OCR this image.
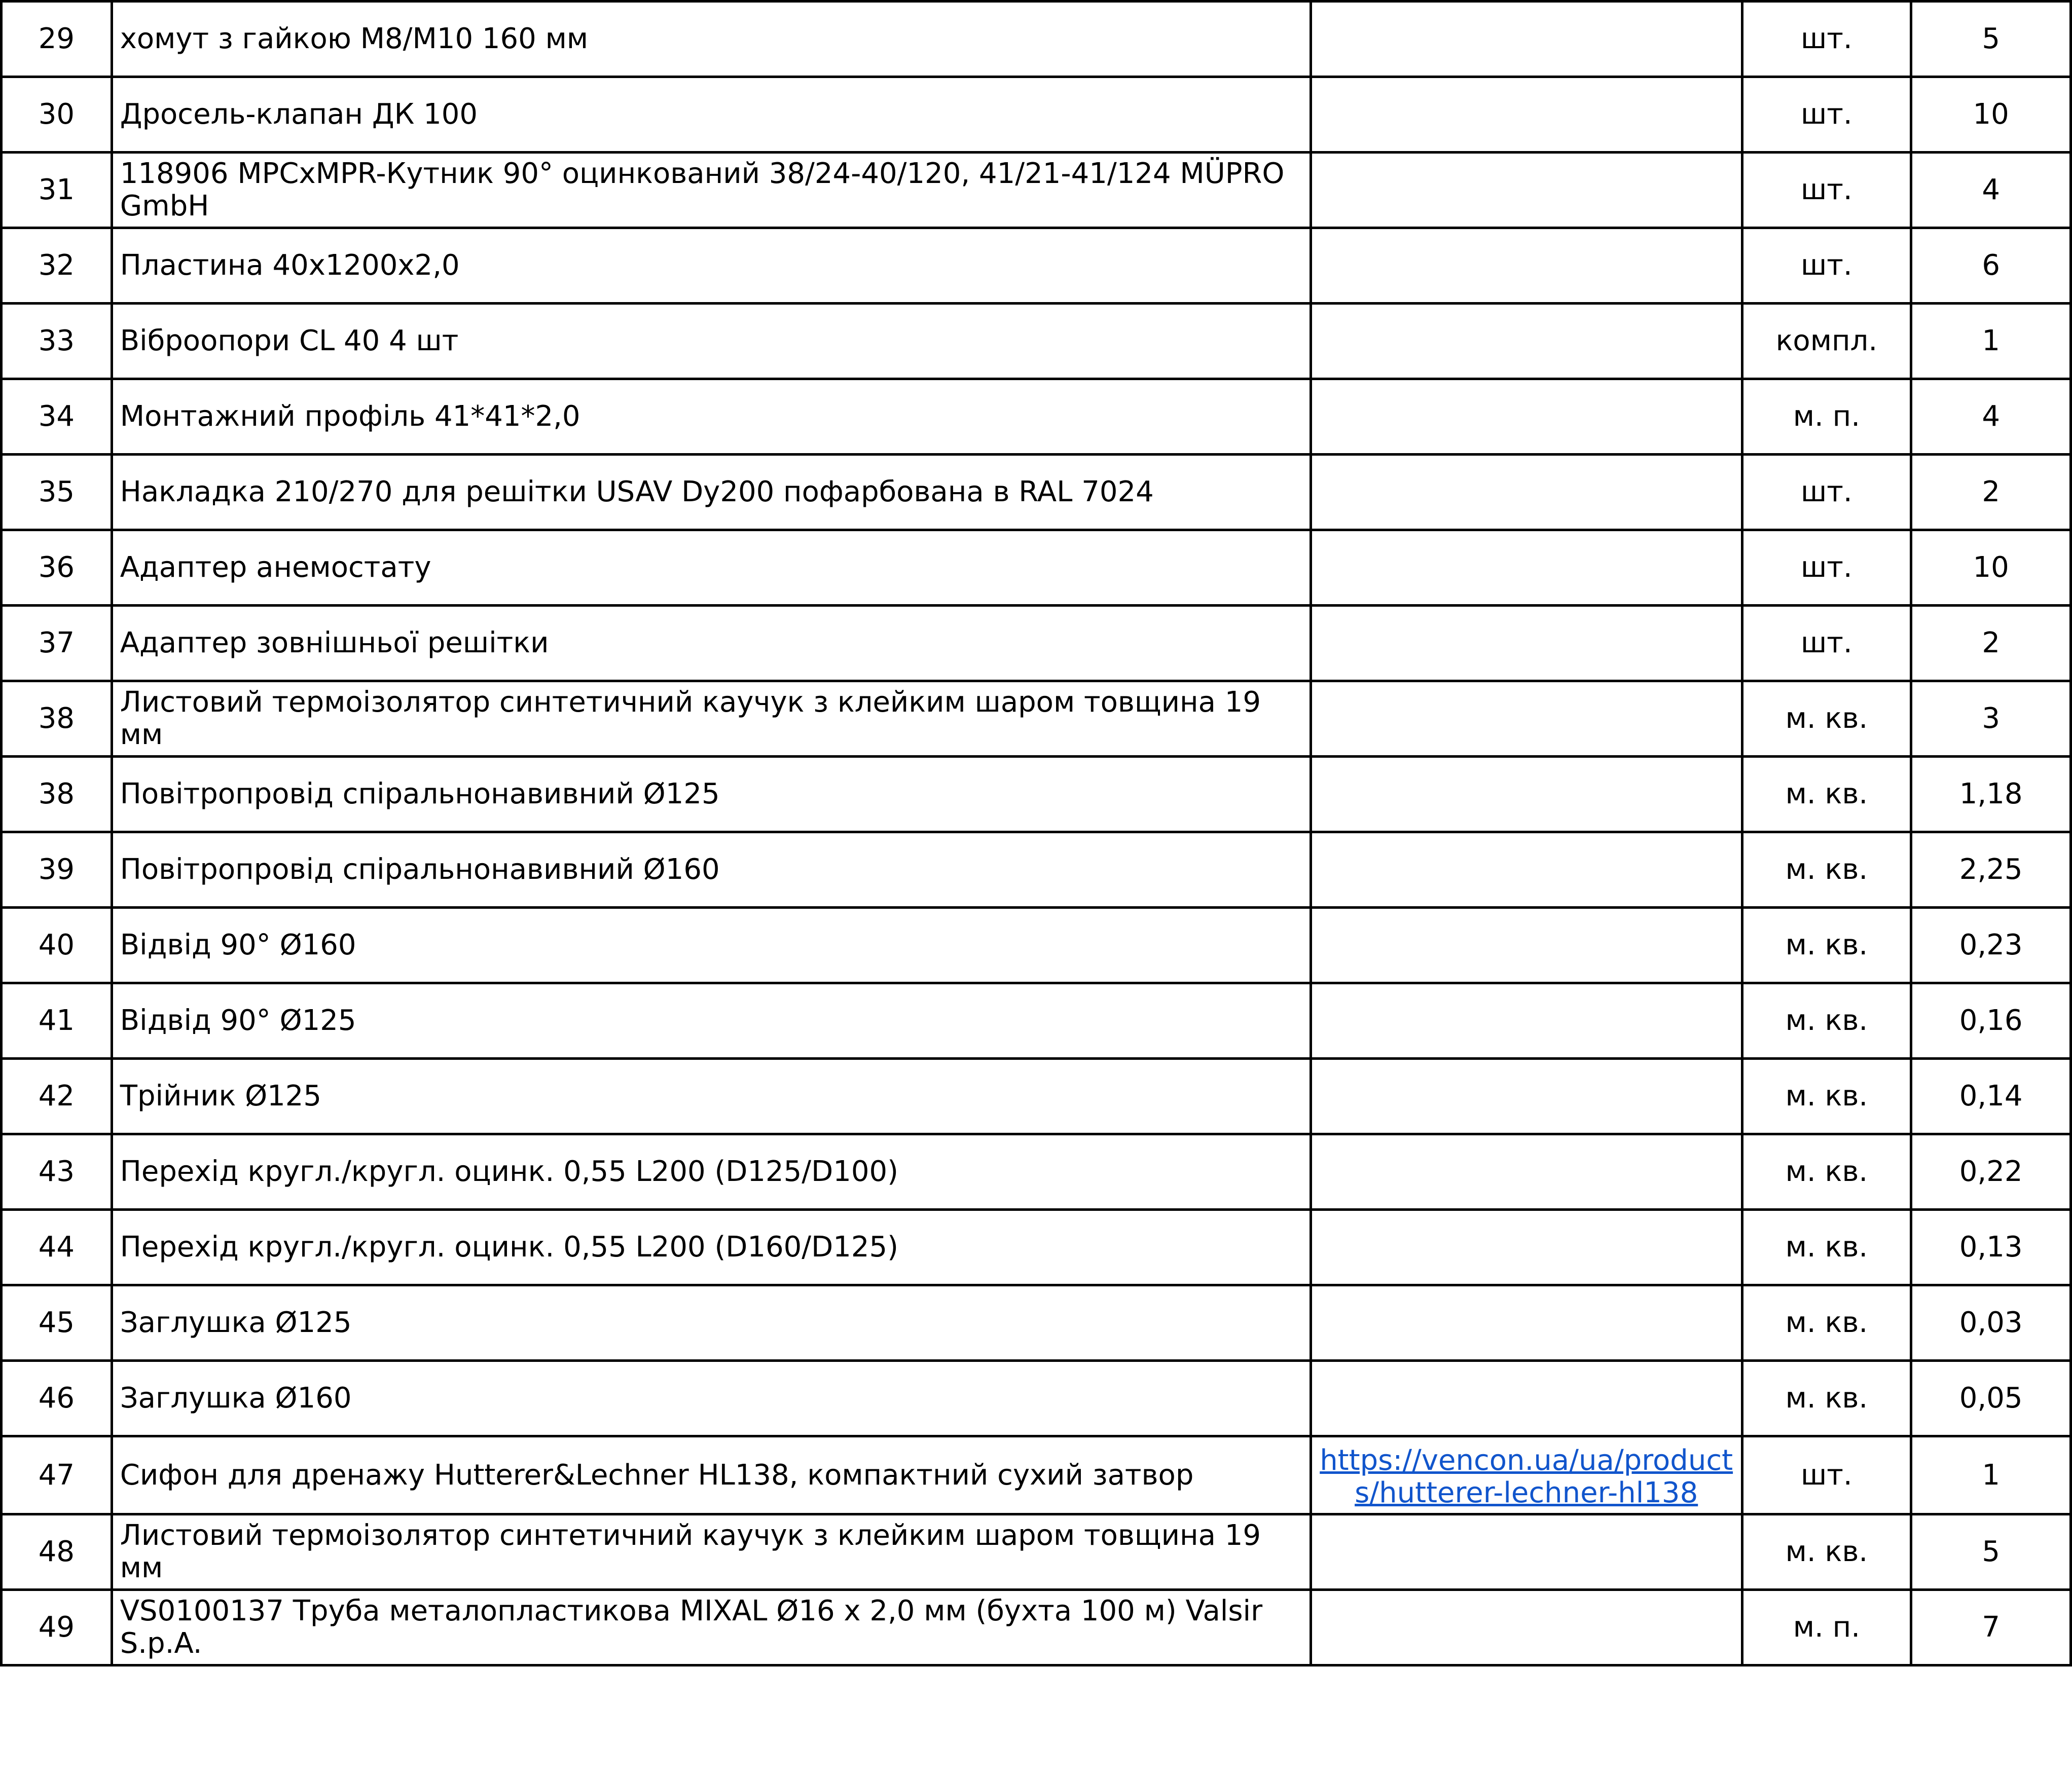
29	хомут з гайкою M8/M10 160 мм		шт.	5
30	Дросель-клапан ДК 100		шт.	10
31	118906 MPCxMPR-Кутник 90° оцинкований 38/24-40/120, 41/21-41/124 MÜPRO GmbH		шт.	4
32	Пластина 40х1200х2,0		шт.	6
33	Віброопори CL 40 4 шт		компл.	1
34	Монтажний профіль 41*41*2,0		м. п.	4
35	Накладка 210/270 для решітки USAV Dy200 пофарбована в RAL 7024		шт.	2
36	Адаптер анемостату		шт.	10
37	Адаптер зовнішньої решітки		шт.	2
38	Листовий термоізолятор синтетичний каучук з клейким шаром товщина 19 мм		м. кв.	3
38	Повітропровід спіральнонавивний Ø125		м. кв.	1,18
39	Повітропровід спіральнонавивний Ø160		м. кв.	2,25
40	Відвід 90° Ø160		м. кв.	0,23
41	Відвід 90° Ø125		м. кв.	0,16
42	Трійник Ø125		м. кв.	0,14
43	Перехід кругл./кругл. оцинк. 0,55 L200 (D125/D100)		м. кв.	0,22
44	Перехід кругл./кругл. оцинк. 0,55 L200 (D160/D125)		м. кв.	0,13
45	Заглушка Ø125		м. кв.	0,03
46	Заглушка Ø160		м. кв.	0,05
47	Сифон для дренажу Hutterer&Lechner HL138, компактний сухий затвор	https://vencon.ua/ua/products/hutterer-lechner-hl138	шт.	1
48	Листовий термоізолятор синтетичний каучук з клейким шаром товщина 19 мм		м. кв.	5
49	VS0100137 Труба металопластикова MIXAL Ø16 x 2,0 мм (бухта 100 м) Valsir S.p.A.		м. п.	7
